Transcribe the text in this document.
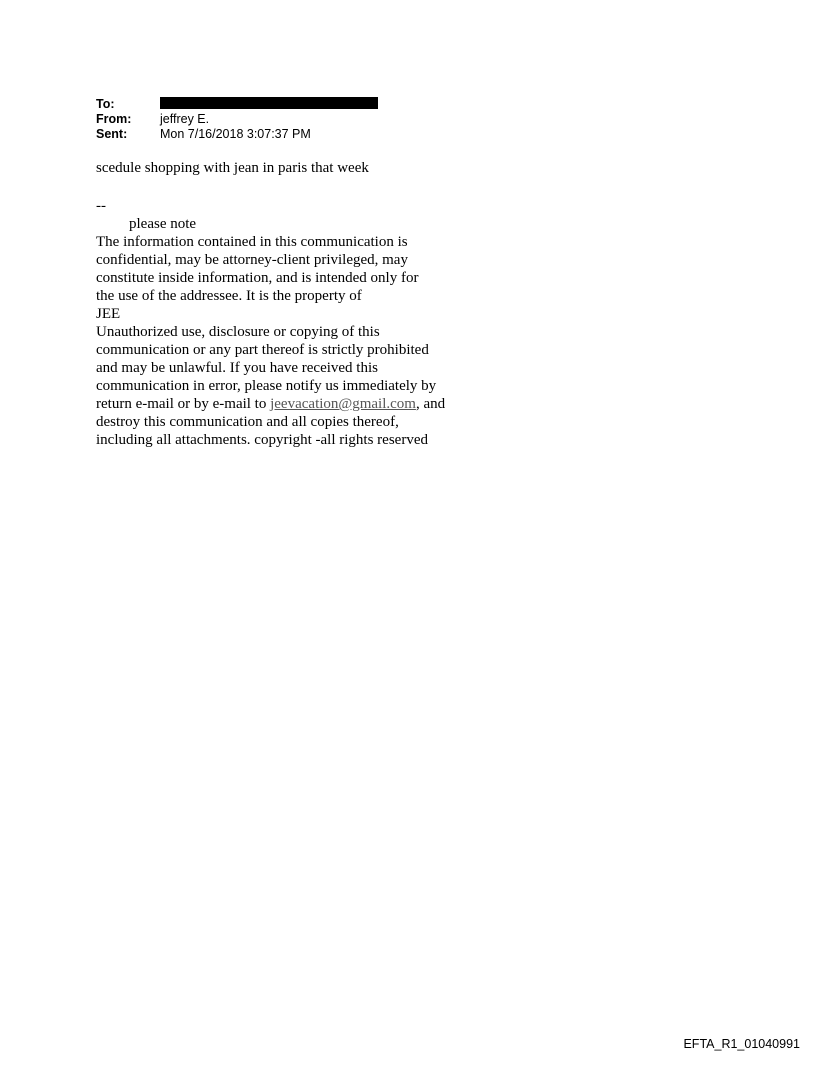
To:
From:	jeffrey E.
Sent:	Mon 7/16/2018 3:07:37 PM

scedule shopping with jean in paris that week

--

please note

The information contained in this communication is

confidential, may be attorney-client privileged, may

constitute inside information, and is intended only for

the use of the addressee. It is the property of

JEE

Unauthorized use, disclosure or copying of this

communication or any part thereof is strictly prohibited

and may be unlawful. If you have received this

communication in error, please notify us immediately by

return e-mail or by e-mail to jeevacation@gmail.com, and

destroy this communication and all copies thereof,

including all attachments. copyright -all rights reserved

EFTA_R1_01040991
